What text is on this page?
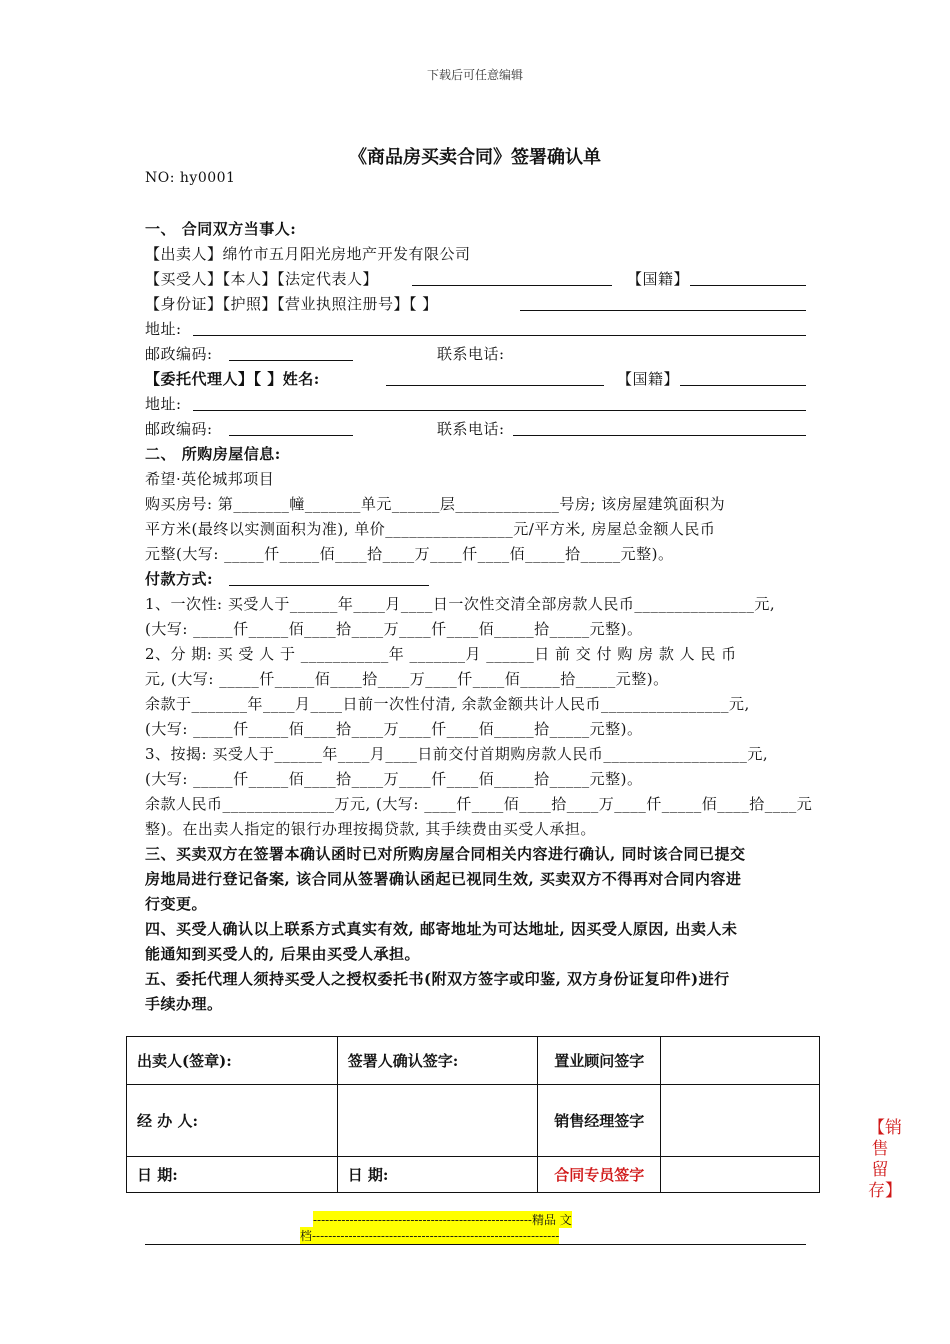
下载后可任意编辑
《商品房买卖合同》签署确认单
NO: hy0001
一、 合同双方当事人:
【出卖人】绵竹市五月阳光房地产开发有限公司
【买受人】【本人】【法定代表人】	【国籍】
【身份证】【护照】【营业执照注册号】【 】
地址:
邮政编码:	联系电话:
【委托代理人】【 】姓名:	【国籍】
地址:
邮政编码:	联系电话:
二、 所购房屋信息:
希望·英伦城邦项目
购买房号: 第_______幢_______单元______层_____________号房; 该房屋建筑面积为
平方米(最终以实测面积为准), 单价________________元/平方米, 房屋总金额人民币
元整(大写: _____仟_____佰____拾____万____仟____佰_____拾_____元整)。
付款方式:
1、一次性: 买受人于______年____月____日一次性交清全部房款人民币_______________元,
(大写: _____仟_____佰____拾____万____仟____佰_____拾_____元整)。
2、分 期: 买 受 人 于 ___________年 _______月 ______日 前 交 付 购 房 款 人 民 币
元, (大写: _____仟_____佰____拾____万____仟____佰_____拾_____元整)。
余款于_______年____月____日前一次性付清, 余款金额共计人民币________________元,
(大写: _____仟_____佰____拾____万____仟____佰_____拾_____元整)。
3、按揭: 买受人于______年____月____日前交付首期购房款人民币__________________元,
(大写: _____仟_____佰____拾____万____仟____佰_____拾_____元整)。
余款人民币______________万元, (大写: ____仟____佰____拾____万____仟_____佰____拾____元
整)。在出卖人指定的银行办理按揭贷款, 其手续费由买受人承担。
三、买卖双方在签署本确认函时已对所购房屋合同相关内容进行确认, 同时该合同已提交
房地局进行登记备案, 该合同从签署确认函起已视同生效, 买卖双方不得再对合同内容进
行变更。
四、买受人确认以上联系方式真实有效, 邮寄地址为可达地址, 因买受人原因, 出卖人未
能通知到买受人的, 后果由买受人承担。
五、委托代理人须持买受人之授权委托书(附双方签字或印鉴, 双方身份证复印件)进行
手续办理。
出卖人(签章):	签署人确认签字:	置业顾问签字	
经 办 人:		销售经理签字	
日 期:	日 期:	合同专员签字	
【销售留存】
------------------------------------------------------精品 文
档-------------------------------------------------------------
